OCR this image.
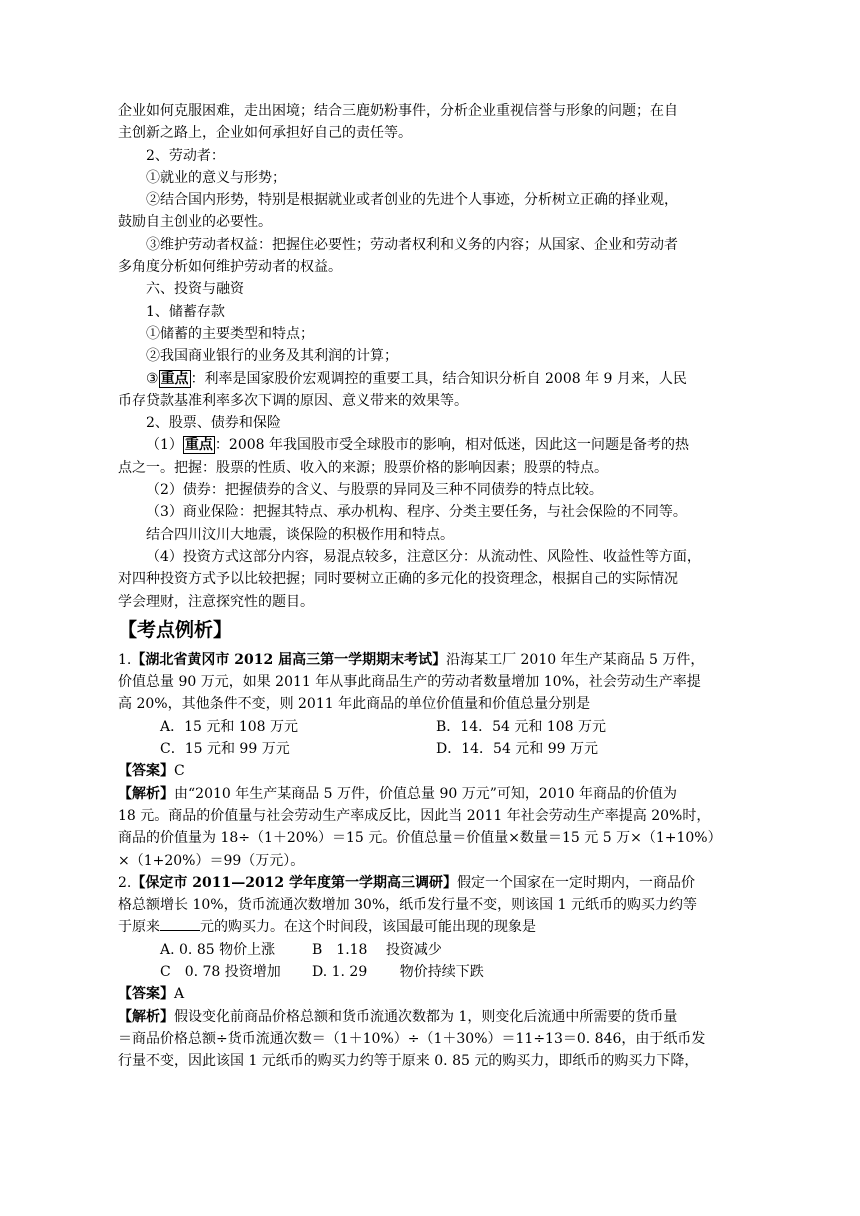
企业如何克服困难，走出困境；结合三鹿奶粉事件，分析企业重视信誉与形象的问题；在自
主创新之路上，企业如何承担好自己的责任等。
2、劳动者：
①就业的意义与形势；
②结合国内形势，特别是根据就业或者创业的先进个人事迹，分析树立正确的择业观，
鼓励自主创业的必要性。
③维护劳动者权益：把握住必要性；劳动者权利和义务的内容；从国家、企业和劳动者
多角度分析如何维护劳动者的权益。
六、投资与融资
1、储蓄存款
①储蓄的主要类型和特点；
②我国商业银行的业务及其利润的计算；
③ 重点 ：利率是国家股价宏观调控的重要工具，结合知识分析自 2008 年 9 月来，人民
币存贷款基准利率多次下调的原因、意义带来的效果等。
2、股票、债券和保险
（1） 重点 ：2008 年我国股市受全球股市的影响，相对低迷，因此这一问题是备考的热
点之一。把握：股票的性质、收入的来源；股票价格的影响因素；股票的特点。
（2）债券：把握债券的含义、与股票的异同及三种不同债券的特点比较。
（3）商业保险：把握其特点、承办机构、程序、分类主要任务，与社会保险的不同等。
结合四川汶川大地震，谈保险的积极作用和特点。
（4）投资方式这部分内容，易混点较多，注意区分：从流动性、风险性、收益性等方面，
对四种投资方式予以比较把握；同时要树立正确的多元化的投资理念，根据自己的实际情况
学会理财，注意探究性的题目。
【考点例析】
1.【湖北省黄冈市 2012 届高三第一学期期末考试】沿海某工厂 2010 年生产某商品 5 万件，
价值总量 90 万元，如果 2011 年从事此商品生产的劳动者数量增加 10%，社会劳动生产率提
高 20%，其他条件不变，则 2011 年此商品的单位价值量和价值总量分别是
A．15 元和 108 万元	B．14．54 元和 108 万元
C．15 元和 99 万元	D．14．54 元和 99 万元
【答案】C
【解析】由“2010 年生产某商品 5 万件，价值总量 90 万元”可知，2010 年商品的价值为
18 元。商品的价值量与社会劳动生产率成反比，因此当 2011 年社会劳动生产率提高 20%时，
商品的价值量为 18÷（1＋20%）＝15 元。价值总量＝价值量×数量＝15 元 5 万×（1+10%）
×（1+20%）＝99（万元）。
2.【保定市 2011—2012 学年度第一学期高三调研】假定一个国家在一定时期内，一商品价
格总额增长 10%，货币流通次数增加 30%，纸币发行量不变，则该国 1 元纸币的购买力约等
于原来	元的购买力。在这个时间段，该国最可能出现的现象是
A. 0. 85 物价上涨	B　1.18　 投资减少
C　0. 78 投资增加	D. 1. 29　　 物价持续下跌
【答案】A
【解析】假设变化前商品价格总额和货币流通次数都为 1，则变化后流通中所需要的货币量
＝商品价格总额÷货币流通次数＝（1＋10%）÷（1＋30%）＝11÷13＝0. 846，由于纸币发
行量不变，因此该国 1 元纸币的购买力约等于原来 0. 85 元的购买力，即纸币的购买力下降，
